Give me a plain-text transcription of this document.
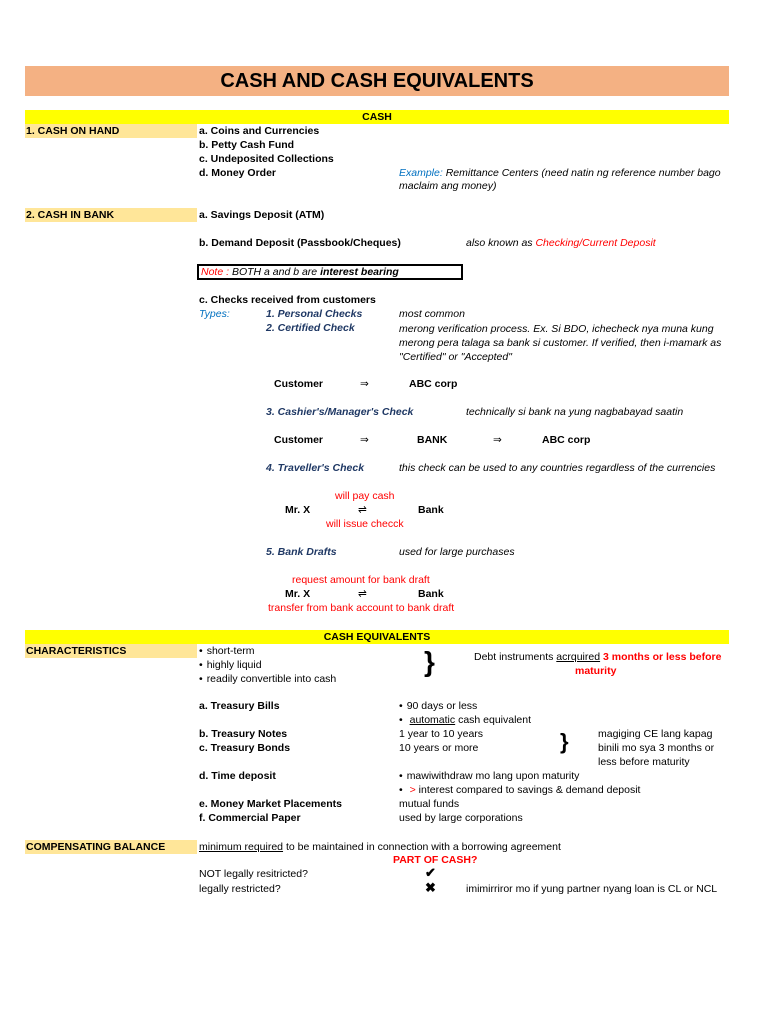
CASH AND CASH EQUIVALENTS
CASH
1. CASH ON HAND	a. Coins and Currencies
b. Petty Cash Fund
c. Undeposited Collections
d. Money Order	Example: Remittance Centers (need natin ng reference number bago maclaim ang money)
2. CASH IN BANK	a. Savings Deposit (ATM)
b. Demand Deposit (Passbook/Cheques)	also known as Checking/Current Deposit
Note : BOTH a and b are interest bearing
c. Checks received from customers
Types:	1. Personal Checks	most common
2. Certified Check	merong verification process. Ex. Si BDO, ichecheck nya muna kung merong pera talaga sa bank si customer. If verified, then i-mamark as "Certified" or "Accepted"
Customer	⇒	ABC corp
3. Cashier's/Manager's Check	technically si bank na yung nagbabayad saatin
Customer	⇒	BANK	⇒	ABC corp
4. Traveller's Check	this check can be used to any countries regardless of the currencies
will pay cash
Mr. X	⇌	Bank
will issue checck
5. Bank Drafts	used for large purchases
request amount for bank draft
Mr. X	⇌	Bank
transfer from bank account to bank draft
CASH EQUIVALENTS
CHARACTERISTICS	• short-term
• highly liquid
• readily convertible into cash
}	Debt instruments acrquired 3 months or less before
maturity
a. Treasury Bills	• 90 days or less
• automatic cash equivalent
b. Treasury Notes	1 year to 10 years
c. Treasury Bonds	10 years or more	}	magiging CE lang kapag binili mo sya 3 months or less before maturity
d. Time deposit	• mawiwithdraw mo lang upon maturity
• > interest compared to savings & demand deposit
e. Money Market Placements	mutual funds
f. Commercial Paper	used by large corporations
COMPENSATING BALANCE	minimum required to be maintained in connection with a borrowing agreement
PART OF CASH?
NOT legally resitricted?	✔
legally restricted?	✖	imimirriror mo if yung partner nyang loan is CL or NCL
